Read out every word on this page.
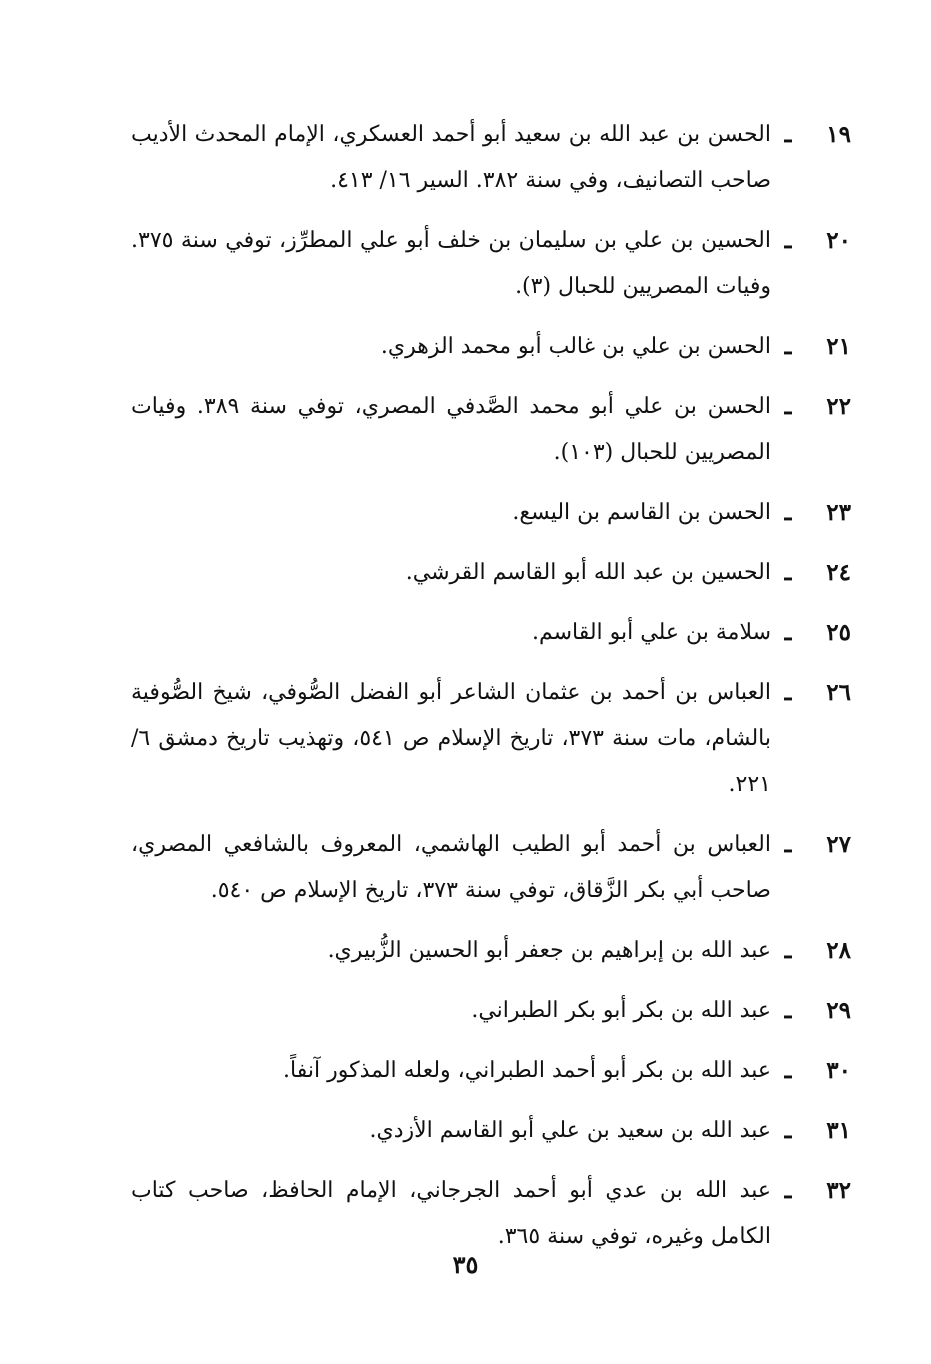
١٩
ـ
الحسن بن عبد الله بن سعيد أبو أحمد العسكري، الإمام المحدث الأديب صاحب التصانيف، وفي سنة ٣٨٢. السير ١٦/ ٤١٣.
٢٠
ـ
الحسين بن علي بن سليمان بن خلف أبو علي المطرِّز، توفي سنة ٣٧٥. وفيات المصريين للحبال (٣).
٢١
ـ
الحسن بن علي بن غالب أبو محمد الزهري.
٢٢
ـ
الحسن بن علي أبو محمد الصَّدفي المصري، توفي سنة ٣٨٩. وفيات المصريين للحبال (١٠٣).
٢٣
ـ
الحسن بن القاسم بن اليسع.
٢٤
ـ
الحسين بن عبد الله أبو القاسم القرشي.
٢٥
ـ
سلامة بن علي أبو القاسم.
٢٦
ـ
العباس بن أحمد بن عثمان الشاعر أبو الفضل الصُّوفي، شيخ الصُّوفية بالشام، مات سنة ٣٧٣، تاريخ الإسلام ص ٥٤١، وتهذيب تاريخ دمشق ٦/ ٢٢١.
٢٧
ـ
العباس بن أحمد أبو الطيب الهاشمي، المعروف بالشافعي المصري، صاحب أبي بكر الزَّقاق، توفي سنة ٣٧٣، تاريخ الإسلام ص ٥٤٠.
٢٨
ـ
عبد الله بن إبراهيم بن جعفر أبو الحسين الزُّبيري.
٢٩
ـ
عبد الله بن بكر أبو بكر الطبراني.
٣٠
ـ
عبد الله بن بكر أبو أحمد الطبراني، ولعله المذكور آنفاً.
٣١
ـ
عبد الله بن سعيد بن علي أبو القاسم الأزدي.
٣٢
ـ
عبد الله بن عدي أبو أحمد الجرجاني، الإمام الحافظ، صاحب كتاب الكامل وغيره، توفي سنة ٣٦٥.
٣٥
